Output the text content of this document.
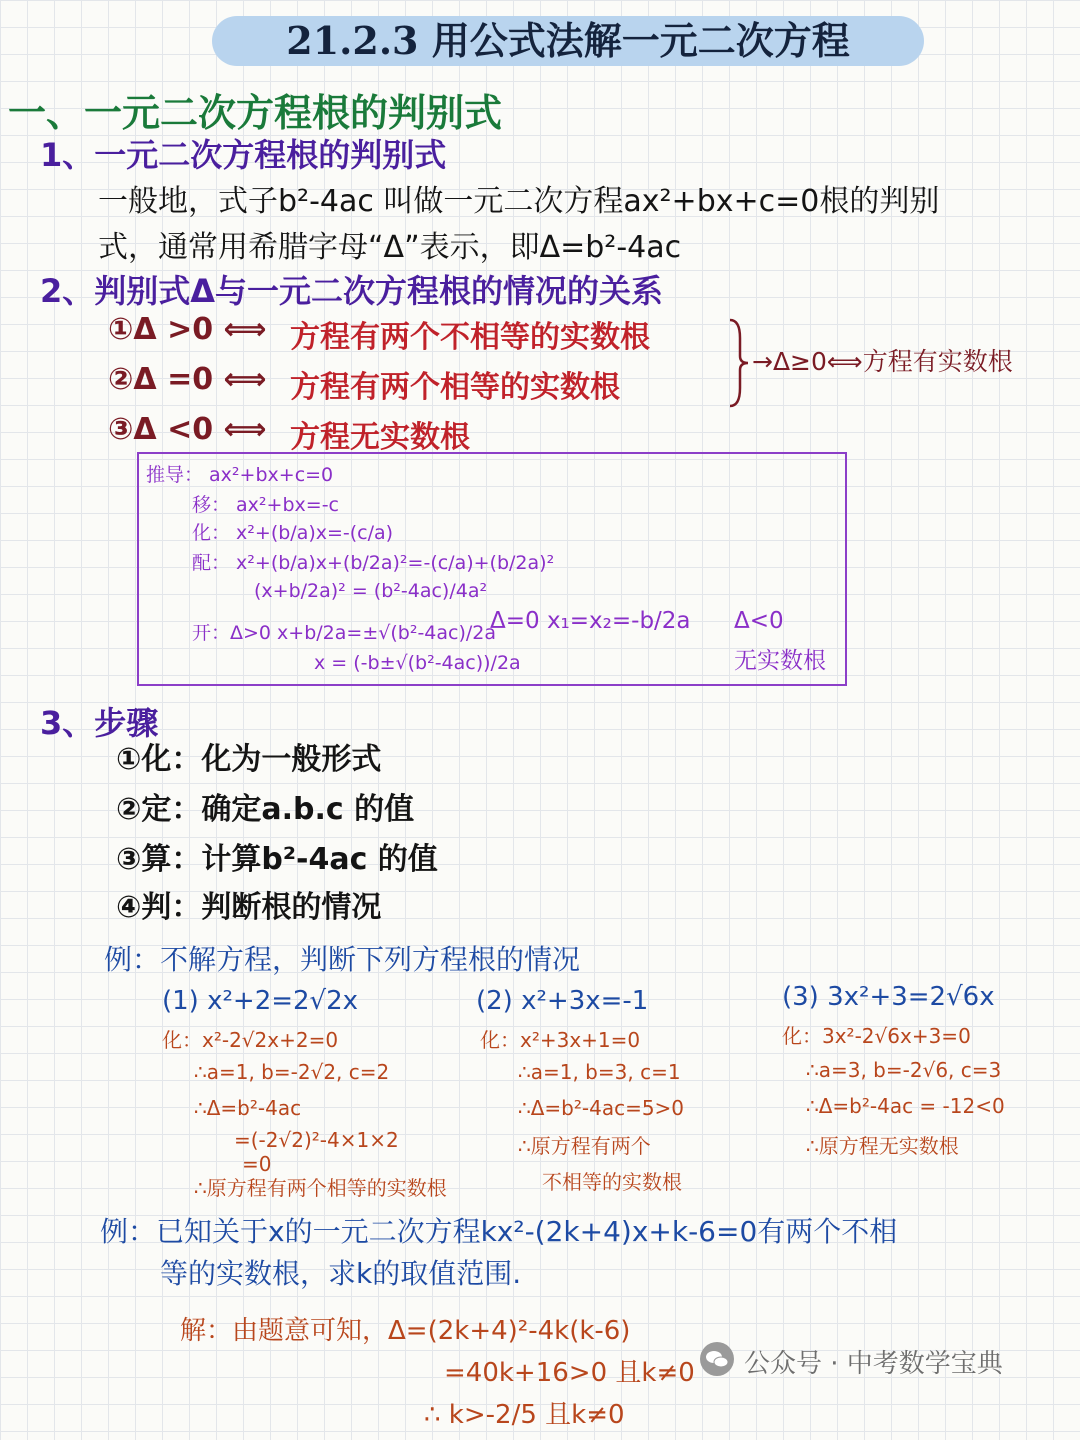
21.2.3 用公式法解一元二次方程
一、一元二次方程根的判别式
1、一元二次方程根的判别式
一般地，式子b²-4ac 叫做一元二次方程ax²+bx+c=0根的判别
式，通常用希腊字母“Δ”表示，即Δ=b²-4ac
2、判别式Δ与一元二次方程根的情况的关系
①Δ >0 ⟺ 方程有两个不相等的实数根
②Δ =0 ⟺ 方程有两个相等的实数根
③Δ <0 ⟺ 方程无实数根
→Δ≥0⟺方程有实数根
推导： ax²+bx+c=0
移： ax²+bx=-c
化： x²+(b/a)x=-(c/a)
配： x²+(b/a)x+(b/2a)²=-(c/a)+(b/2a)²
(x+b/2a)² = (b²-4ac)/4a²
开：Δ>0 x+b/2a=±√(b²-4ac)/2a
x = (-b±√(b²-4ac))/2a
Δ=0 x₁=x₂=-b/2a Δ<0
无实数根
3、步骤
①化：化为一般形式
②定：确定a.b.c 的值
③算：计算b²-4ac 的值
④判：判断根的情况
例：不解方程，判断下列方程根的情况
(1) x²+2=2√2x
化：x²-2√2x+2=0
∴a=1, b=-2√2, c=2
∴Δ=b²-4ac
=(-2√2)²-4×1×2
=0
∴原方程有两个相等的实数根
(2) x²+3x=-1
化：x²+3x+1=0
∴a=1, b=3, c=1
∴Δ=b²-4ac=5>0
∴原方程有两个
不相等的实数根
(3) 3x²+3=2√6x
化：3x²-2√6x+3=0
∴a=3, b=-2√6, c=3
∴Δ=b²-4ac = -12<0
∴原方程无实数根
例：已知关于x的一元二次方程kx²-(2k+4)x+k-6=0有两个不相
等的实数根，求k的取值范围.
解：由题意可知，Δ=(2k+4)²-4k(k-6)
=40k+16>0 且k≠0
∴ k>-2/5 且k≠0
公众号 · 中考数学宝典
